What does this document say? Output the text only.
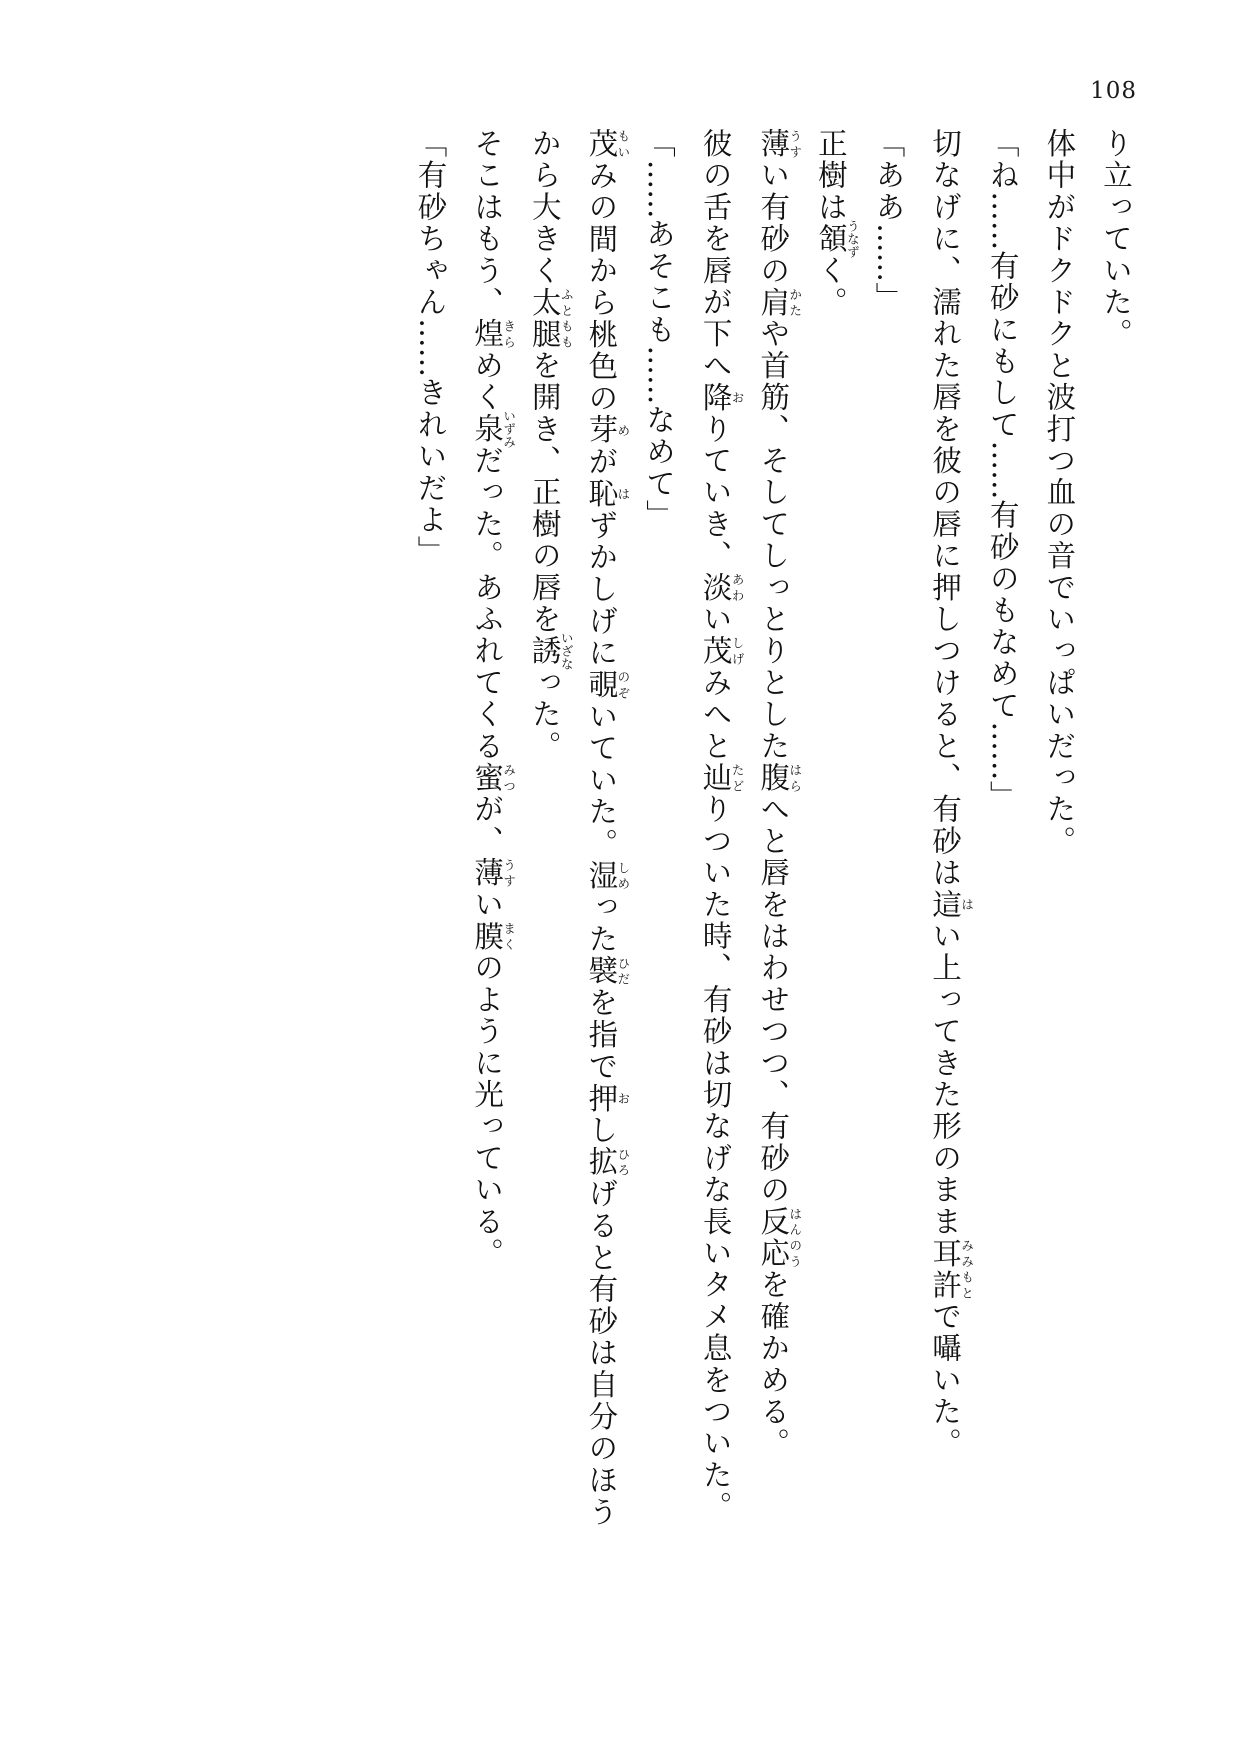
108

り立っていた。

体中がドクドクと波打つ血の音でいっぱいだった。

「ね……有砂にもして……有砂のもなめて……」

切なげに、濡れた唇を彼の唇に押しつけると、有砂は這はい上ってきた形のまま耳許みみもとで囁いた。

「ああ……」

正樹は頷うなずく。

薄うすい有砂の肩かたや首筋、そしてしっとりとした腹はらへと唇をはわせつつ、有砂の反応はんのうを確かめる。

彼の舌を唇が下へ降おりていき、淡あわい茂しげみへと辿たどりついた時、有砂は切なげな長いタメ息をついた。

「……あそこも……なめて」

茂もいみの間から桃色の芽めが恥はずかしげに覗のぞいていた。湿しめった襞ひだを指で押おし拡ひろげると有砂は自分のほうから大きく太腿ふとももを開き、正樹の唇を誘いざなった。

そこはもう、煌きらめく泉いずみだった。あふれてくる蜜みつが、薄うすい膜まくのように光っている。

「有砂ちゃん……きれいだよ」
